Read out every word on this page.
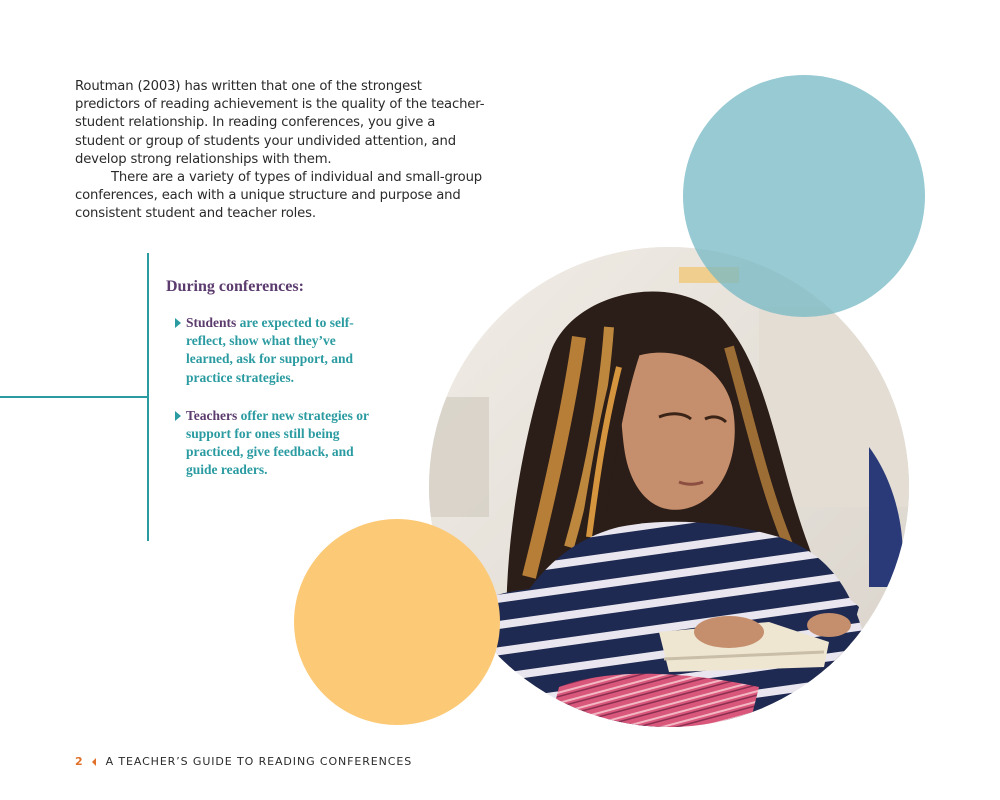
Routman (2003) has written that one of the strongest predictors of reading achievement is the quality of the teacher-student relationship. In reading conferences, you give a student or group of students your undivided attention, and develop strong relationships with them.

There are a variety of types of individual and small-group conferences, each with a unique structure and purpose and consistent student and teacher roles.

During conferences:
Students are expected to self-reflect, show what they’ve learned, ask for support, and practice strategies.
Teachers offer new strategies or support for ones still being practiced, give feedback, and guide readers.
2 A TEACHER’S GUIDE TO READING CONFERENCES
